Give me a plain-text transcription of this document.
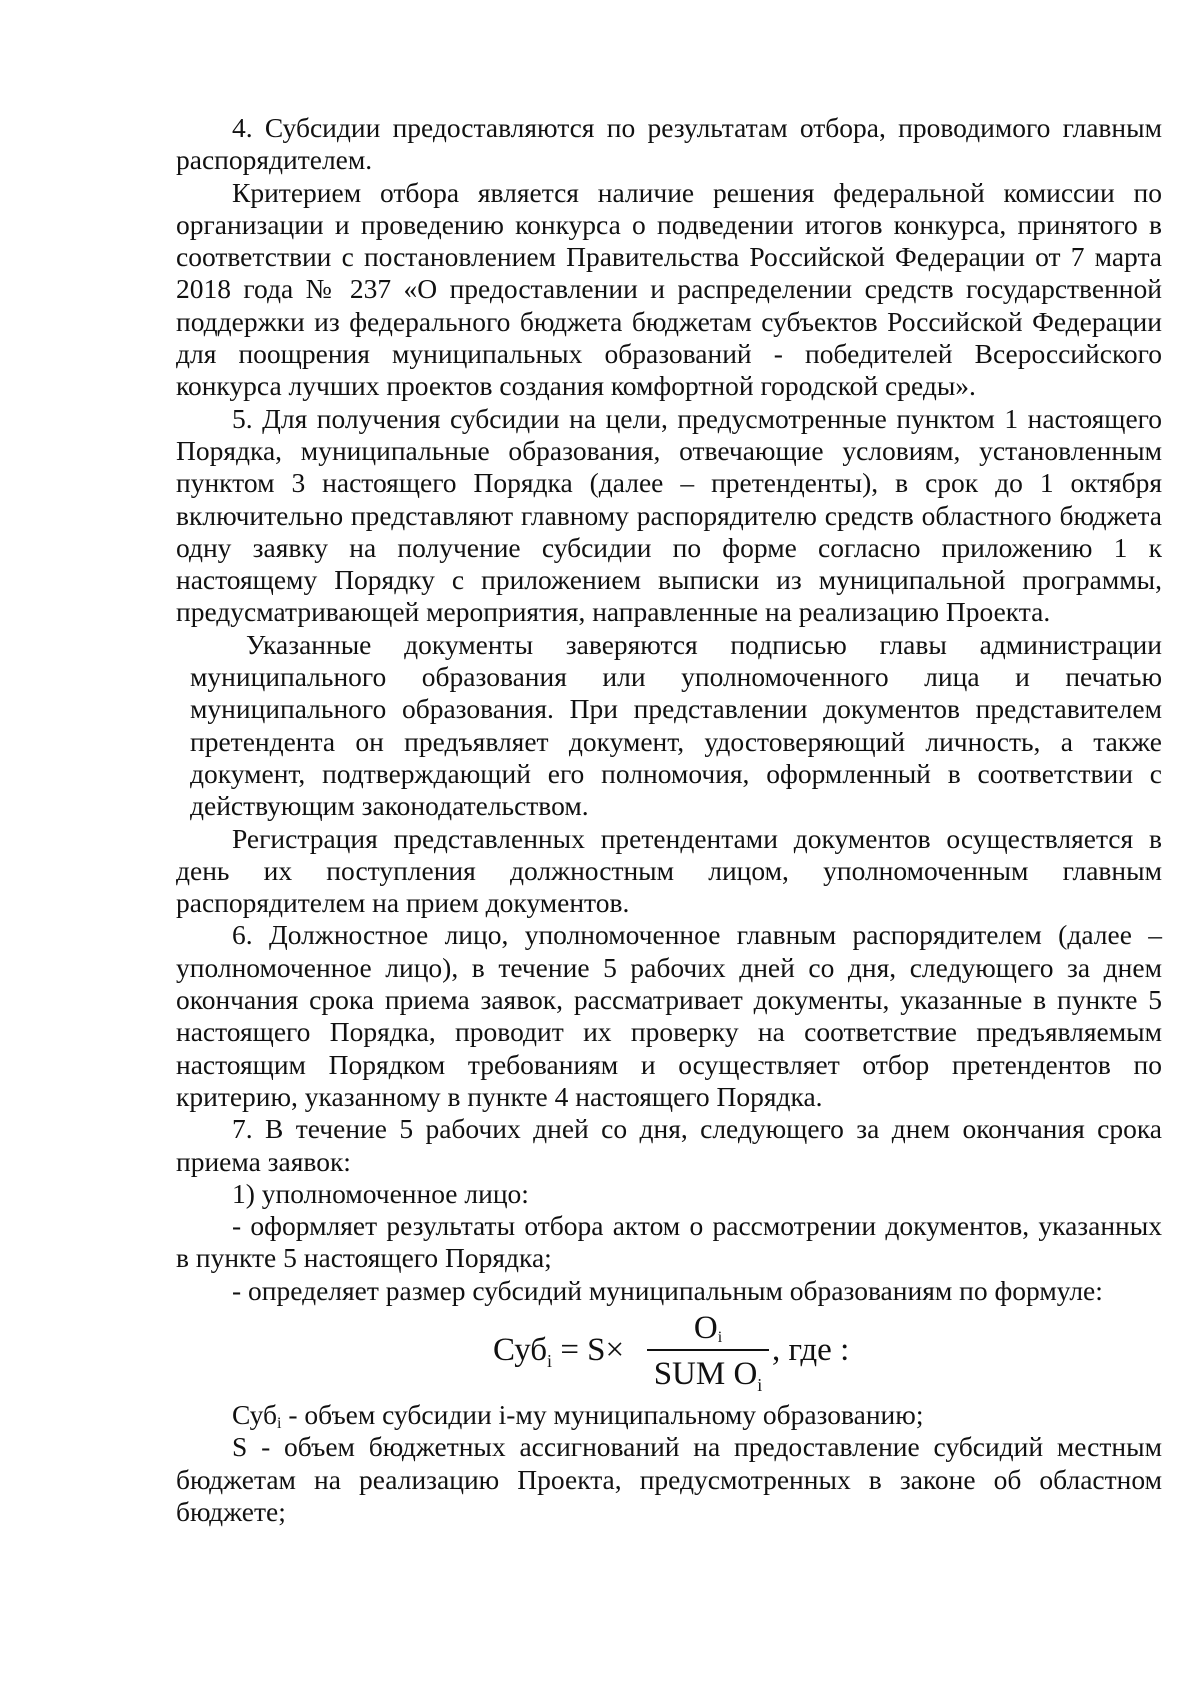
4. Субсидии предоставляются по результатам отбора, проводимого главным распорядителем.

Критерием отбора является наличие решения федеральной комиссии по организации и проведению конкурса о подведении итогов конкурса, принятого в соответствии с постановлением Правительства Российской Федерации от 7 марта 2018 года № 237 «О предоставлении и распределении средств государственной поддержки из федерального бюджета бюджетам субъектов Российской Федерации для поощрения муниципальных образований - победителей Всероссийского конкурса лучших проектов создания комфортной городской среды».

5. Для получения субсидии на цели, предусмотренные пунктом 1 настоящего Порядка, муниципальные образования, отвечающие условиям, установленным пунктом 3 настоящего Порядка (далее – претенденты), в срок до 1 октября включительно представляют главному распорядителю средств областного бюджета одну заявку на получение субсидии по форме согласно приложению 1 к настоящему Порядку с приложением выписки из муниципальной программы, предусматривающей мероприятия, направленные на реализацию Проекта.

Указанные документы заверяются подписью главы администрации муниципального образования или уполномоченного лица и печатью муниципального образования. При представлении документов представителем претендента он предъявляет документ, удостоверяющий личность, а также документ, подтверждающий его полномочия, оформленный в соответствии с действующим законодательством.

Регистрация представленных претендентами документов осуществляется в день их поступления должностным лицом, уполномоченным главным распорядителем на прием документов.

6. Должностное лицо, уполномоченное главным распорядителем (далее – уполномоченное лицо), в течение 5 рабочих дней со дня, следующего за днем окончания срока приема заявок, рассматривает документы, указанные в пункте 5 настоящего Порядка, проводит их проверку на соответствие предъявляемым настоящим Порядком требованиям и осуществляет отбор претендентов по критерию, указанному в пункте 4 настоящего Порядка.

7. В течение 5 рабочих дней со дня, следующего за днем окончания срока приема заявок:

1) уполномоченное лицо:

- оформляет результаты отбора актом о рассмотрении документов, указанных в пункте 5 настоящего Порядка;

- определяет размер субсидий муниципальным образованиям по формуле:

Суб$_i$ = S×
$O_i$
SUM $O_i$
, где :

Суб$_i$ - объем субсидии i-му муниципальному образованию;

S - объем бюджетных ассигнований на предоставление субсидий местным бюджетам на реализацию Проекта, предусмотренных в законе об областном бюджете;
